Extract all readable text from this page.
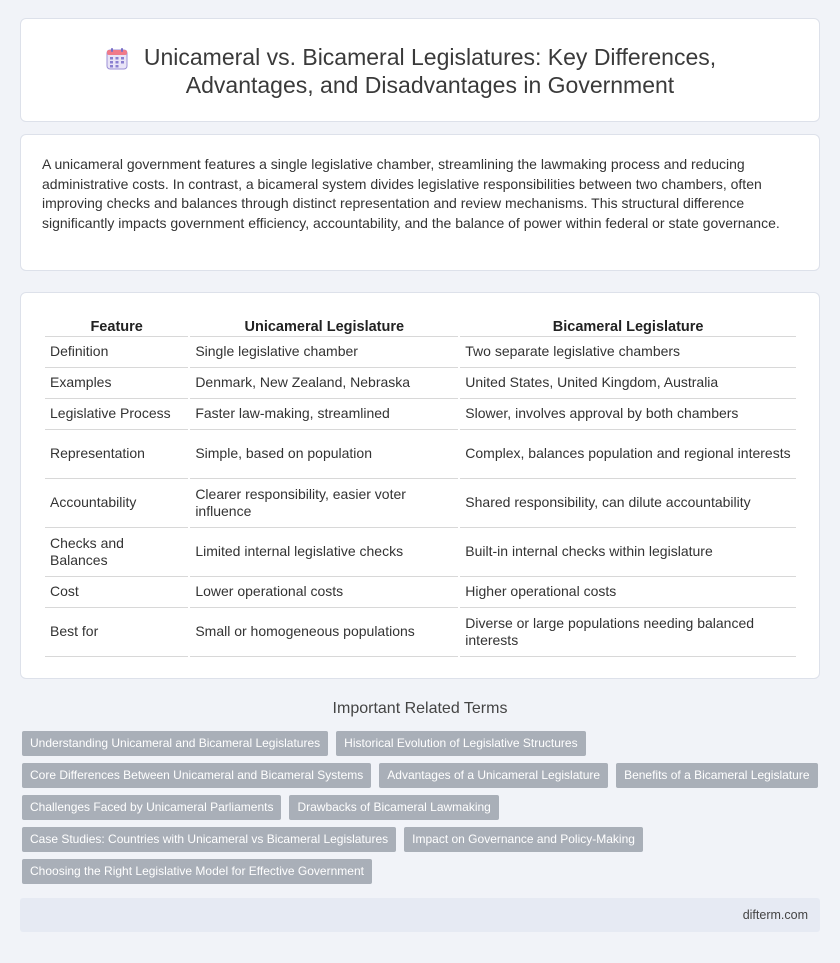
Unicameral vs. Bicameral Legislatures: Key Differences,
Advantages, and Disadvantages in Government

A unicameral government features a single legislative chamber, streamlining the lawmaking process and reducing administrative costs. In contrast, a bicameral system divides legislative responsibilities between two chambers, often improving checks and balances through distinct representation and review mechanisms. This structural difference significantly impacts government efficiency, accountability, and the balance of power within federal or state governance.

Feature	Unicameral Legislature	Bicameral Legislature
Definition	Single legislative chamber	Two separate legislative chambers
Examples	Denmark, New Zealand, Nebraska	United States, United Kingdom, Australia
Legislative Process	Faster law-making, streamlined	Slower, involves approval by both chambers
Representation	Simple, based on population	Complex, balances population and regional interests
Accountability	Clearer responsibility, easier voter influence	Shared responsibility, can dilute accountability
Checks and Balances	Limited internal legislative checks	Built-in internal checks within legislature
Cost	Lower operational costs	Higher operational costs
Best for	Small or homogeneous populations	Diverse or large populations needing balanced interests
Important Related Terms
Understanding Unicameral and Bicameral Legislatures	Historical Evolution of Legislative Structures
Core Differences Between Unicameral and Bicameral Systems	Advantages of a Unicameral Legislature	Benefits of a Bicameral Legislature
Challenges Faced by Unicameral Parliaments	Drawbacks of Bicameral Lawmaking
Case Studies: Countries with Unicameral vs Bicameral Legislatures	Impact on Governance and Policy-Making
Choosing the Right Legislative Model for Effective Government
difterm.com
